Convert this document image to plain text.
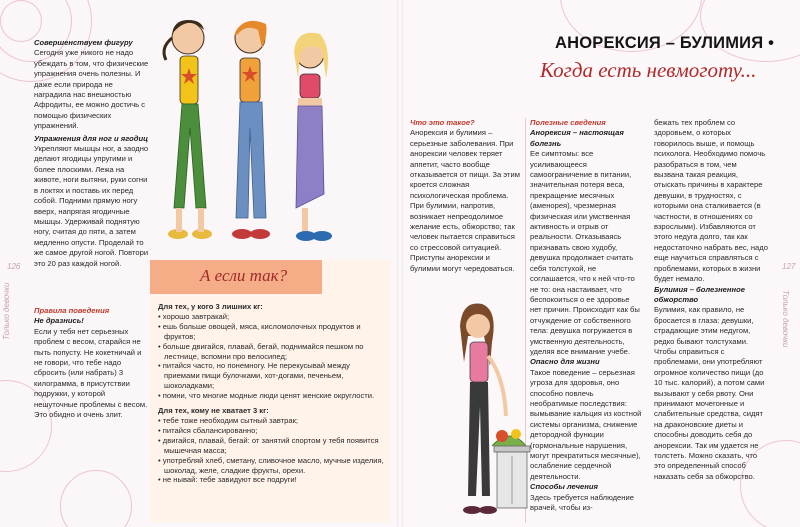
Совершенствуем фигуру

Сегодня уже никого не надо убеждать в том, что физические упражнения очень полезны. И даже если природа не наградила нас внешностью Афродиты, ее можно достичь с помощью физических упражнений.

Упражнения для ног и ягодиц

Укрепляют мышцы ног, а заодно делают ягодицы упругими и более плоскими. Лежа на животе, ноги вытяни, руки согни в локтях и поставь их перед собой. Подними прямую ногу вверх, напрягая ягодичные мышцы. Удерживай поднятую ногу, считая до пяти, а затем медленно опусти. Проделай то же самое другой ногой. Повтори это 20 раз каждой ногой.

Правила поведения

Не дразнись!

Если у тебя нет серьезных проблем с весом, старайся не пыть попусту. Не кокетничай и не говори, что тебе надо сбросить (или набрать) 3 килограмма, в присутствии подружки, у которой нешуточные проблемы с весом. Это обидно и очень злит.

126
Только девочки
А если так?

Для тех, у кого 3 лишних кг:

• хорошо завтракай;

• ешь больше овощей, мяса, кисломолочных продуктов и фруктов;

• больше двигайся, плавай, бегай, поднимайся пешком по лестнице, вспомни про велосипед;

• питайся часто, но понемногу. Не перекусывай между приемами пищи булочками, хот-догами, печеньем, шоколадками;

• помни, что многие модные люди ценят женские округлости.

Для тех, кому не хватает 3 кг:

• тебе тоже необходим сытный завтрак;

• питайся сбалансированно;

• двигайся, плавай, бегай: от занятий спортом у тебя появится мышечная масса;

• употребляй хлеб, сметану, сливочное масло, мучные изделия, шоколад, желе, сладкие фрукты, орехи.

• не нывай: тебе завидуют все подруги!

АНОРЕКСИЯ – БУЛИМИЯ •
Когда есть невмоготу...

Что это такое?

Анорексия и булимия – серьезные заболевания. При анорексии человек теряет аппетит, часто вообще отказывается от пищи. За этим кроется сложная психологическая проблема. При булимии, напротив, возникает непреодолимое желание есть, обжорство; так человек пытается справиться со стрессовой ситуацией. Приступы анорексии и булимии могут чередоваться.

Полезные сведения

Анорексия – настоящая болезнь

Ее симптомы: все усиливающееся самоограничение в питании, значительная потеря веса, прекращение месячных (аменорея), чрезмерная физическая или умственная активность и отрыв от реальности. Отказываясь признавать свою худобу, девушка продолжает считать себя толстухой, не соглашается, что к ней что-то не то: она настаивает, что беспокоиться о ее здоровье нет причин. Происходит как бы отчуждение от собственного тела: девушка погружается в умственную деятельность, уделяя все внимание учебе.

Опасно для жизни

Такое поведение – серьезная угроза для здоровья, оно способно повлечь необратимые последствия: вымывание кальция из костной системы организма, снижение детородной функции (гормональные нарушения, могут прекратиться месячные), ослабление сердечной деятельности.

Способы лечения

Здесь требуется наблюдение врачей, чтобы из-

бежать тех проблем со здоровьем, о которых говорилось выше, и помощь психолога. Необходимо помочь разобраться в том, чем вызвана такая реакция, отыскать причины в характере девушки, в трудностях, с которыми она сталкивается (в частности, в отношениях со взрослыми). Избавляются от этого недуга долго, так как недостаточно набрать вес, надо еще научиться справляться с проблемами, которых в жизни будет немало.

Булимия – болезненное обжорство

Булимия, как правило, не бросается в глаза: девушки, страдающие этим недугом, редко бывают толстухами. Чтобы справиться с проблемами, они употребляют огромное количество пищи (до 10 тыс. калорий), а потом сами вызывают у себя рвоту. Они принимают мочегонные и слабительные средства, сидят на драконовские диеты и способны доводить себя до анорексии. Так им удается не толстеть. Можно сказать, что это определенный способ наказать себя за обжорство.

127
Только девочки
